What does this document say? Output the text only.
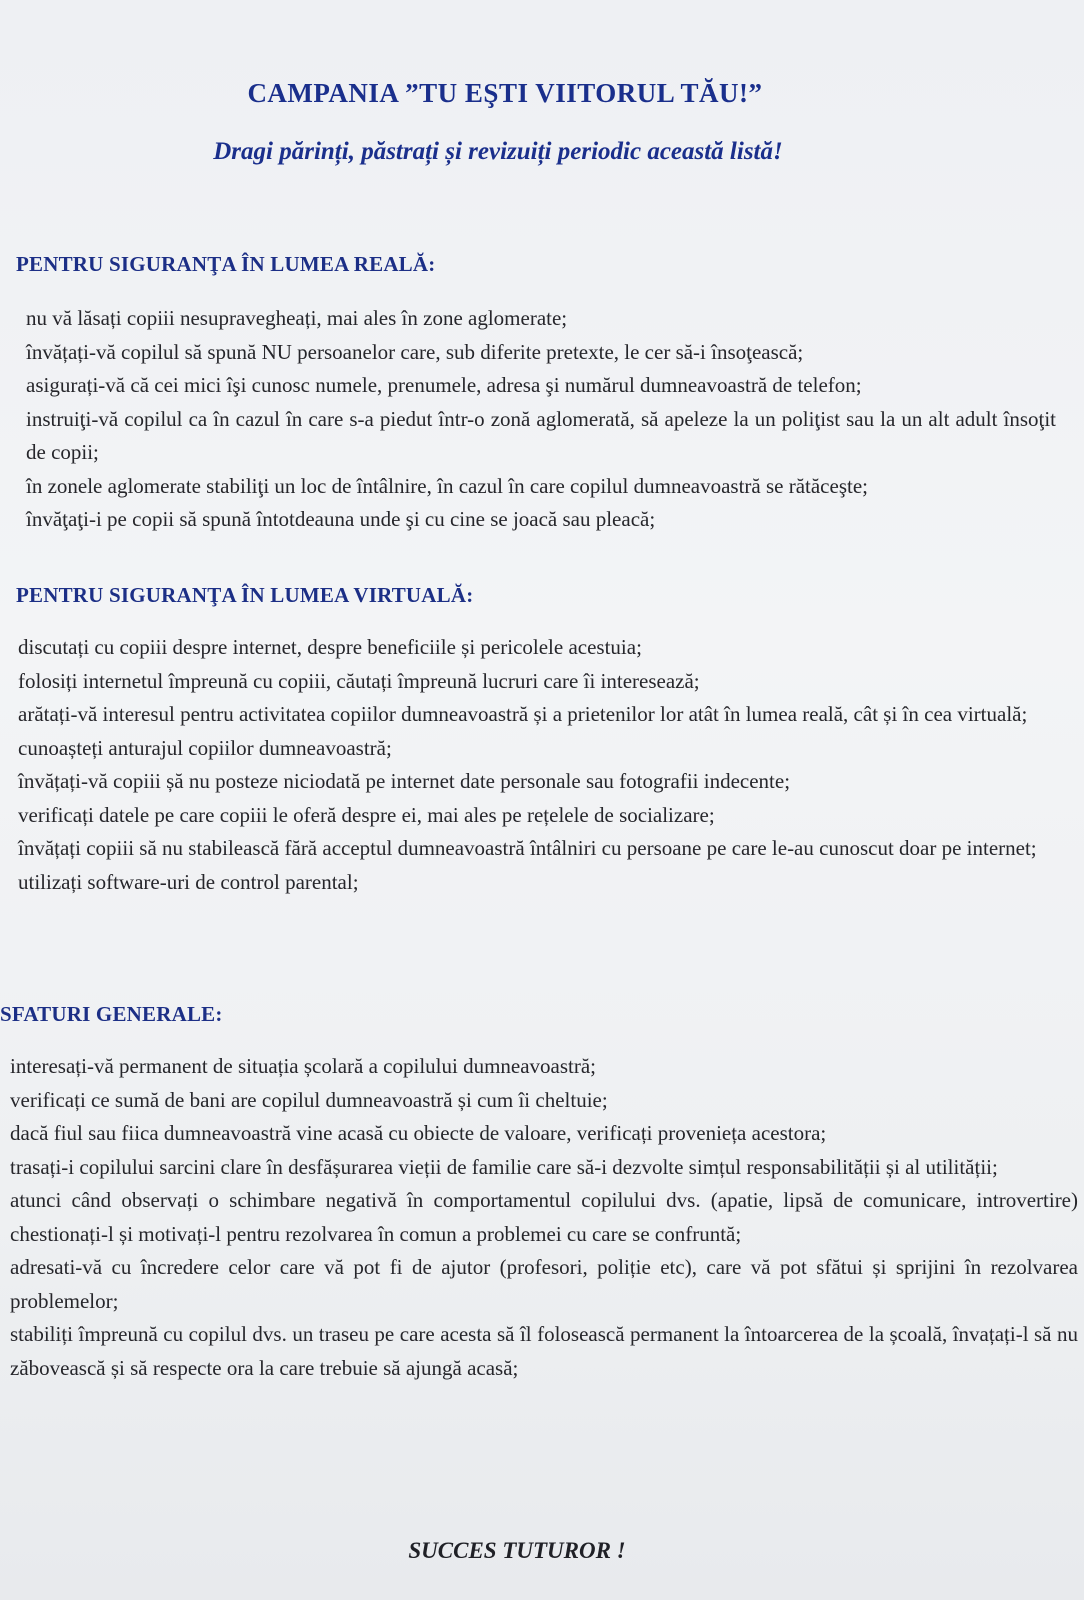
CAMPANIA ”TU EŞTI VIITORUL TĂU!”
Dragi părinți, păstrați și revizuiți periodic această listă!
PENTRU SIGURANŢA ÎN LUMEA REALĂ:
nu vă lăsați copiii nesupravegheați, mai ales în zone aglomerate;
învățați-vă copilul să spună NU persoanelor care, sub diferite pretexte, le cer să-i însoţească;
asigurați-vă că cei mici îşi cunosc numele, prenumele, adresa şi numărul dumneavoastră de telefon;
instruiţi-vă copilul ca în cazul în care s-a piedut într-o zonă aglomerată, să apeleze la un poliţist sau la un alt adult însoţit de copii;
în zonele aglomerate stabiliţi un loc de întâlnire, în cazul în care copilul dumneavoastră se rătăceşte;
învăţaţi-i pe copii să spună întotdeauna unde şi cu cine se joacă sau pleacă;
PENTRU SIGURANŢA ÎN LUMEA VIRTUALĂ:
discutați cu copiii despre internet, despre beneficiile și pericolele acestuia;
folosiți internetul împreună cu copiii, căutați împreună lucruri care îi interesează;
arătați-vă interesul pentru activitatea copiilor dumneavoastră și a prietenilor lor atât în lumea reală, cât și în cea virtuală;
cunoașteți anturajul copiilor dumneavoastră;
învățați-vă copiii șă nu posteze niciodată pe internet date personale sau fotografii indecente;
verificați datele pe care copiii le oferă despre ei, mai ales pe rețelele de socializare;
învățați copiii să nu stabilească fără acceptul dumneavoastră întâlniri cu persoane pe care le-au cunoscut doar pe internet;
utilizați software-uri de control parental;
SFATURI GENERALE:
interesați-vă permanent de situația școlară a copilului dumneavoastră;
verificați ce sumă de bani are copilul dumneavoastră și cum îi cheltuie;
dacă fiul sau fiica dumneavoastră vine acasă cu obiecte de valoare, verificați provenieța acestora;
trasați-i copilului sarcini clare în desfășurarea vieții de familie care să-i dezvolte simțul responsabilității și al utilității;
atunci când observați o schimbare negativă în comportamentul copilului dvs. (apatie, lipsă de comunicare, introvertire) chestionați-l și motivați-l pentru rezolvarea în comun a problemei cu care se confruntă;
adresati-vă cu încredere celor care vă pot fi de ajutor (profesori, poliție etc), care vă pot sfătui și sprijini în rezolvarea problemelor;
stabiliți împreună cu copilul dvs. un traseu pe care acesta să îl folosească permanent la întoarcerea de la școală, învațați-l să nu zăbovească și să respecte ora la care trebuie să ajungă acasă;

SUCCES TUTUROR !
